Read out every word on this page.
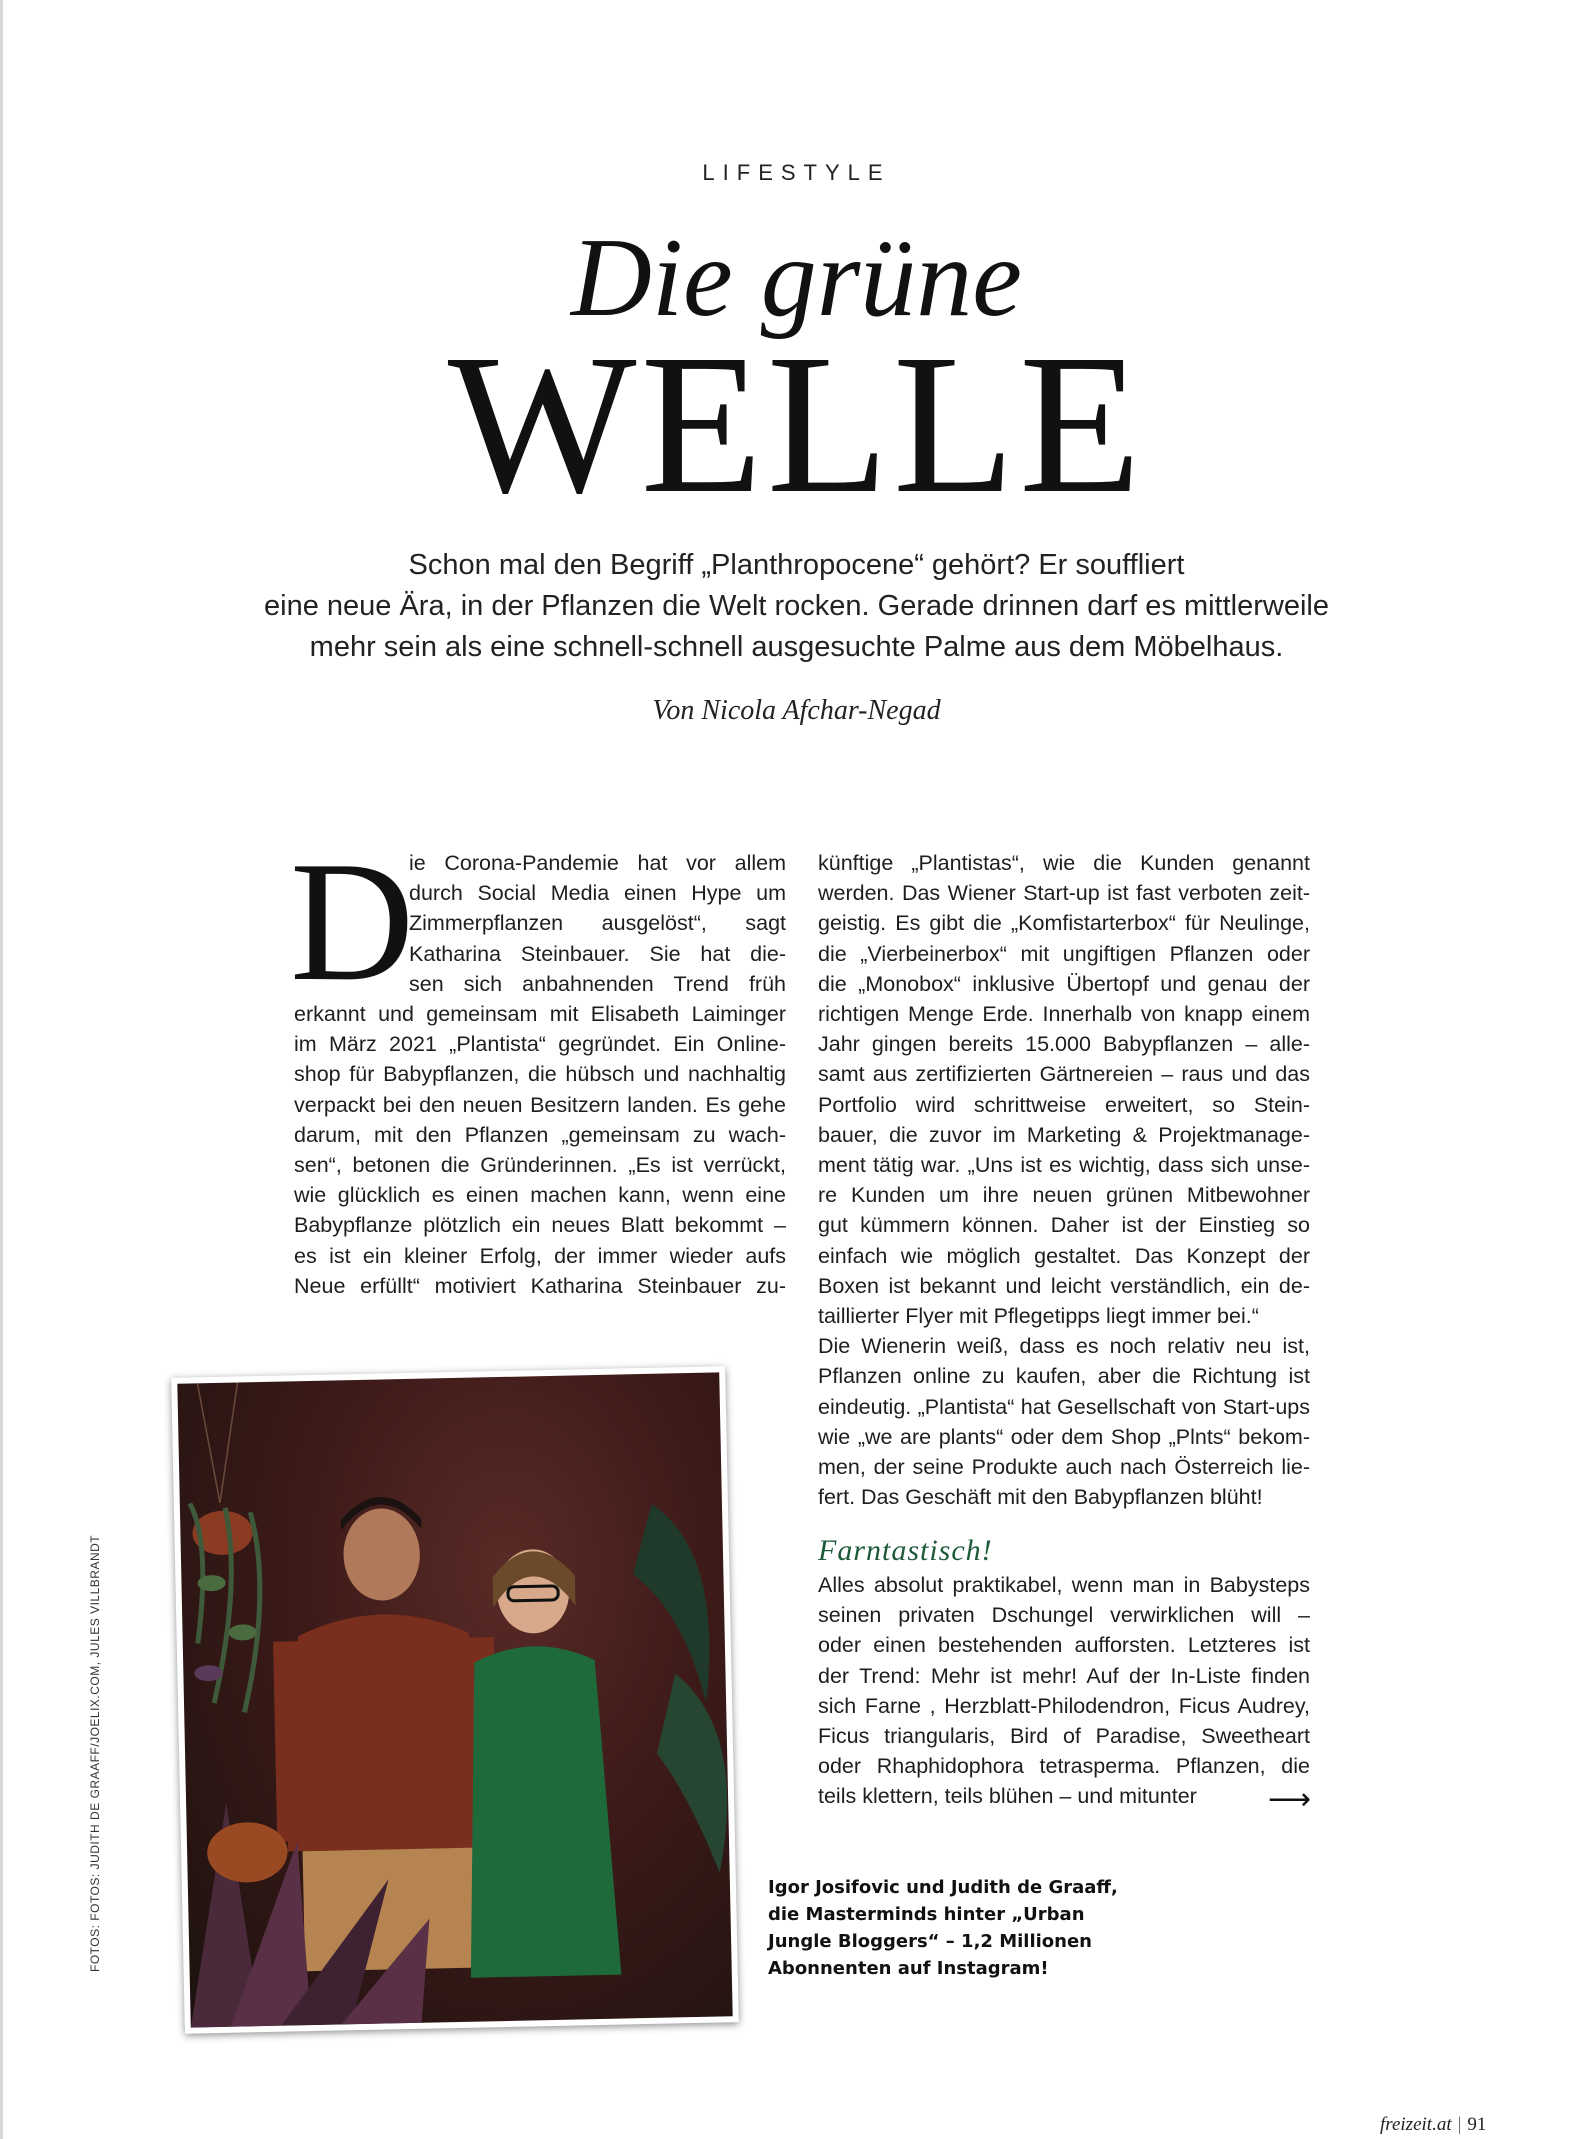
LIFESTYLE
Die grüne
WELLE
Schon mal den Begriff „Planthropocene“ gehört? Er souffliert
eine neue Ära, in der Pflanzen die Welt rocken. Gerade drinnen darf es mittlerweile
mehr sein als eine schnell-schnell ausgesuchte Palme aus dem Möbelhaus.
Von Nicola Afchar-Negad
D
ie Corona-Pandemie hat vor allem
durch Social Media einen Hype um
Zimmerpflanzen ausgelöst“, sagt
Katharina Steinbauer. Sie hat die-
sen sich anbahnenden Trend früh
erkannt und gemeinsam mit Elisabeth Laiminger
im März 2021 „Plantista“ gegründet. Ein Online-
shop für Babypflanzen, die hübsch und nachhaltig
verpackt bei den neuen Besitzern landen. Es gehe
darum, mit den Pflanzen „gemeinsam zu wach-
sen“, betonen die Gründerinnen. „Es ist verrückt,
wie glücklich es einen machen kann, wenn eine
Babypflanze plötzlich ein neues Blatt bekommt –
es ist ein kleiner Erfolg, der immer wieder aufs
Neue erfüllt“ motiviert Katharina Steinbauer zu-
künftige „Plantistas“, wie die Kunden genannt
werden. Das Wiener Start-up ist fast verboten zeit-
geistig. Es gibt die „Komfistarterbox“ für Neulinge,
die „Vierbeinerbox“ mit ungiftigen Pflanzen oder
die „Monobox“ inklusive Übertopf und genau der
richtigen Menge Erde. Innerhalb von knapp einem
Jahr gingen bereits 15.000 Babypflanzen – alle-
samt aus zertifizierten Gärtnereien – raus und das
Portfolio wird schrittweise erweitert, so Stein-
bauer, die zuvor im Marketing & Projektmanage-
ment tätig war. „Uns ist es wichtig, dass sich unse-
re Kunden um ihre neuen grünen Mitbewohner
gut kümmern können. Daher ist der Einstieg so
einfach wie möglich gestaltet. Das Konzept der
Boxen ist bekannt und leicht verständlich, ein de-
taillierter Flyer mit Pflegetipps liegt immer bei.“
Die Wienerin weiß, dass es noch relativ neu ist,
Pflanzen online zu kaufen, aber die Richtung ist
eindeutig. „Plantista“ hat Gesellschaft von Start-ups
wie „we are plants“ oder dem Shop „Plnts“ bekom-
men, der seine Produkte auch nach Österreich lie-
fert. Das Geschäft mit den Babypflanzen blüht!
Farntastisch!
Alles absolut praktikabel, wenn man in Babysteps
seinen privaten Dschungel verwirklichen will –
oder einen bestehenden aufforsten. Letzteres ist
der Trend: Mehr ist mehr! Auf der In-Liste finden
sich Farne , Herzblatt-Philodendron, Ficus Audrey,
Ficus triangularis, Bird of Paradise, Sweetheart
oder Rhaphidophora tetrasperma. Pflanzen, die
teils klettern, teils blühen – und mitunter	⟶
Igor Josifovic und Judith de Graaff,
die Masterminds hinter „Urban
Jungle Bloggers“ – 1,2 Millionen
Abonnenten auf Instagram!
FOTOS: FOTOS: JUDITH DE GRAAFF/JOELIX.COM, JULES VILLBRANDT
freizeit.at | 91
